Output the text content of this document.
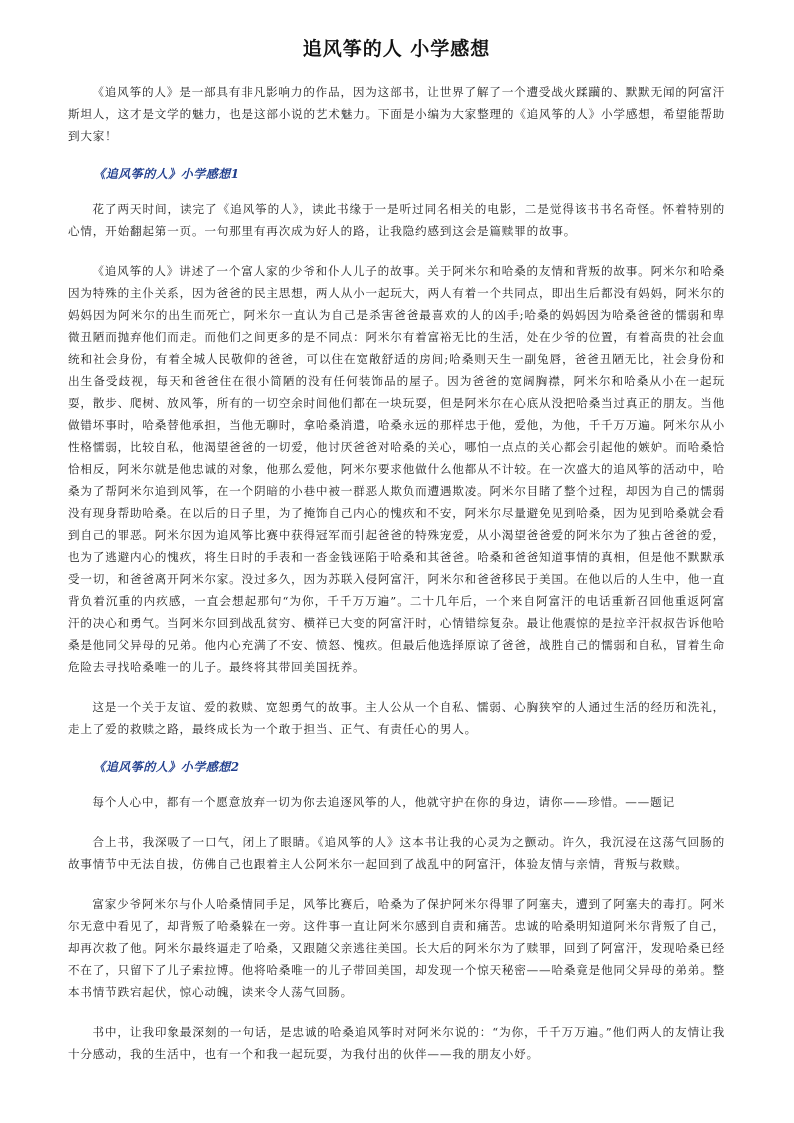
追风筝的人 小学感想

《追风筝的人》是一部具有非凡影响力的作品，因为这部书，让世界了解了一个遭受战火蹂躏的、默默无闻的阿富汗斯坦人，这才是文学的魅力，也是这部小说的艺术魅力。下面是小编为大家整理的《追风筝的人》小学感想，希望能帮助到大家！

《追风筝的人》小学感想1

花了两天时间，读完了《追风筝的人》，读此书缘于一是听过同名相关的电影，二是觉得该书书名奇怪。怀着特别的心情，开始翻起第一页。一句那里有再次成为好人的路，让我隐约感到这会是篇赎罪的故事。

《追风筝的人》讲述了一个富人家的少爷和仆人儿子的故事。关于阿米尔和哈桑的友情和背叛的故事。阿米尔和哈桑因为特殊的主仆关系，因为爸爸的民主思想，两人从小一起玩大，两人有着一个共同点，即出生后都没有妈妈，阿米尔的妈妈因为阿米尔的出生而死亡，阿米尔一直认为自己是杀害爸爸最喜欢的人的凶手;哈桑的妈妈因为哈桑爸爸的懦弱和卑微丑陋而抛弃他们而走。而他们之间更多的是不同点：阿米尔有着富裕无比的生活，处在少爷的位置，有着高贵的社会血统和社会身份，有着全城人民敬仰的爸爸，可以住在宽敞舒适的房间;哈桑则天生一副兔唇，爸爸丑陋无比，社会身份和出生备受歧视，每天和爸爸住在很小简陋的没有任何装饰品的屋子。因为爸爸的宽阔胸襟，阿米尔和哈桑从小在一起玩耍，散步、爬树、放风筝，所有的一切空余时间他们都在一块玩耍，但是阿米尔在心底从没把哈桑当过真正的朋友。当他做错坏事时，哈桑替他承担，当他无聊时，拿哈桑消遣，哈桑永远的那样忠于他，爱他，为他，千千万万遍。阿米尔从小性格懦弱，比较自私，他渴望爸爸的一切爱，他讨厌爸爸对哈桑的关心，哪怕一点点的关心都会引起他的嫉妒。而哈桑恰恰相反，阿米尔就是他忠诚的对象，他那么爱他，阿米尔要求他做什么他都从不计较。在一次盛大的追风筝的活动中，哈桑为了帮阿米尔追到风筝，在一个阴暗的小巷中被一群恶人欺负而遭遇欺凌。阿米尔目睹了整个过程，却因为自己的懦弱没有现身帮助哈桑。在以后的日子里，为了掩饰自己内心的愧疚和不安，阿米尔尽量避免见到哈桑，因为见到哈桑就会看到自己的罪恶。阿米尔因为追风筝比赛中获得冠军而引起爸爸的特殊宠爱，从小渴望爸爸爱的阿米尔为了独占爸爸的爱，也为了逃避内心的愧疚，将生日时的手表和一沓金钱诬陷于哈桑和其爸爸。哈桑和爸爸知道事情的真相，但是他不默默承受一切，和爸爸离开阿米尔家。没过多久，因为苏联入侵阿富汗，阿米尔和爸爸移民于美国。在他以后的人生中，他一直背负着沉重的内疚感，一直会想起那句“为你，千千万万遍”。二十几年后，一个来自阿富汗的电话重新召回他重返阿富汗的决心和勇气。当阿米尔回到战乱贫穷、横祥已大变的阿富汗时，心情错综复杂。最让他震惊的是拉辛汗叔叔告诉他哈桑是他同父异母的兄弟。他内心充满了不安、愤怒、愧疚。但最后他选择原谅了爸爸，战胜自己的懦弱和自私，冒着生命危险去寻找哈桑唯一的儿子。最终将其带回美国抚养。

这是一个关于友谊、爱的救赎、宽恕勇气的故事。主人公从一个自私、懦弱、心胸狭窄的人通过生活的经历和洗礼，走上了爱的救赎之路，最终成长为一个敢于担当、正气、有责任心的男人。

《追风筝的人》小学感想2

每个人心中，都有一个愿意放弃一切为你去追逐风筝的人，他就守护在你的身边，请你——珍惜。——题记

合上书，我深吸了一口气，闭上了眼睛。《追风筝的人》这本书让我的心灵为之颤动。许久，我沉浸在这荡气回肠的故事情节中无法自拔，仿佛自己也跟着主人公阿米尔一起回到了战乱中的阿富汗，体验友情与亲情，背叛与救赎。

富家少爷阿米尔与仆人哈桑情同手足，风筝比赛后，哈桑为了保护阿米尔得罪了阿塞夫，遭到了阿塞夫的毒打。阿米尔无意中看见了，却背叛了哈桑躲在一旁。这件事一直让阿米尔感到自责和痛苦。忠诚的哈桑明知道阿米尔背叛了自己，却再次救了他。阿米尔最终逼走了哈桑，又跟随父亲逃往美国。长大后的阿米尔为了赎罪，回到了阿富汗，发现哈桑已经不在了，只留下了儿子索拉博。他将哈桑唯一的儿子带回美国，却发现一个惊天秘密——哈桑竟是他同父异母的弟弟。整本书情节跌宕起伏，惊心动魄，读来令人荡气回肠。

书中，让我印象最深刻的一句话，是忠诚的哈桑追风筝时对阿米尔说的：“为你，千千万万遍。”他们两人的友情让我十分感动，我的生活中，也有一个和我一起玩耍，为我付出的伙伴——我的朋友小妤。
